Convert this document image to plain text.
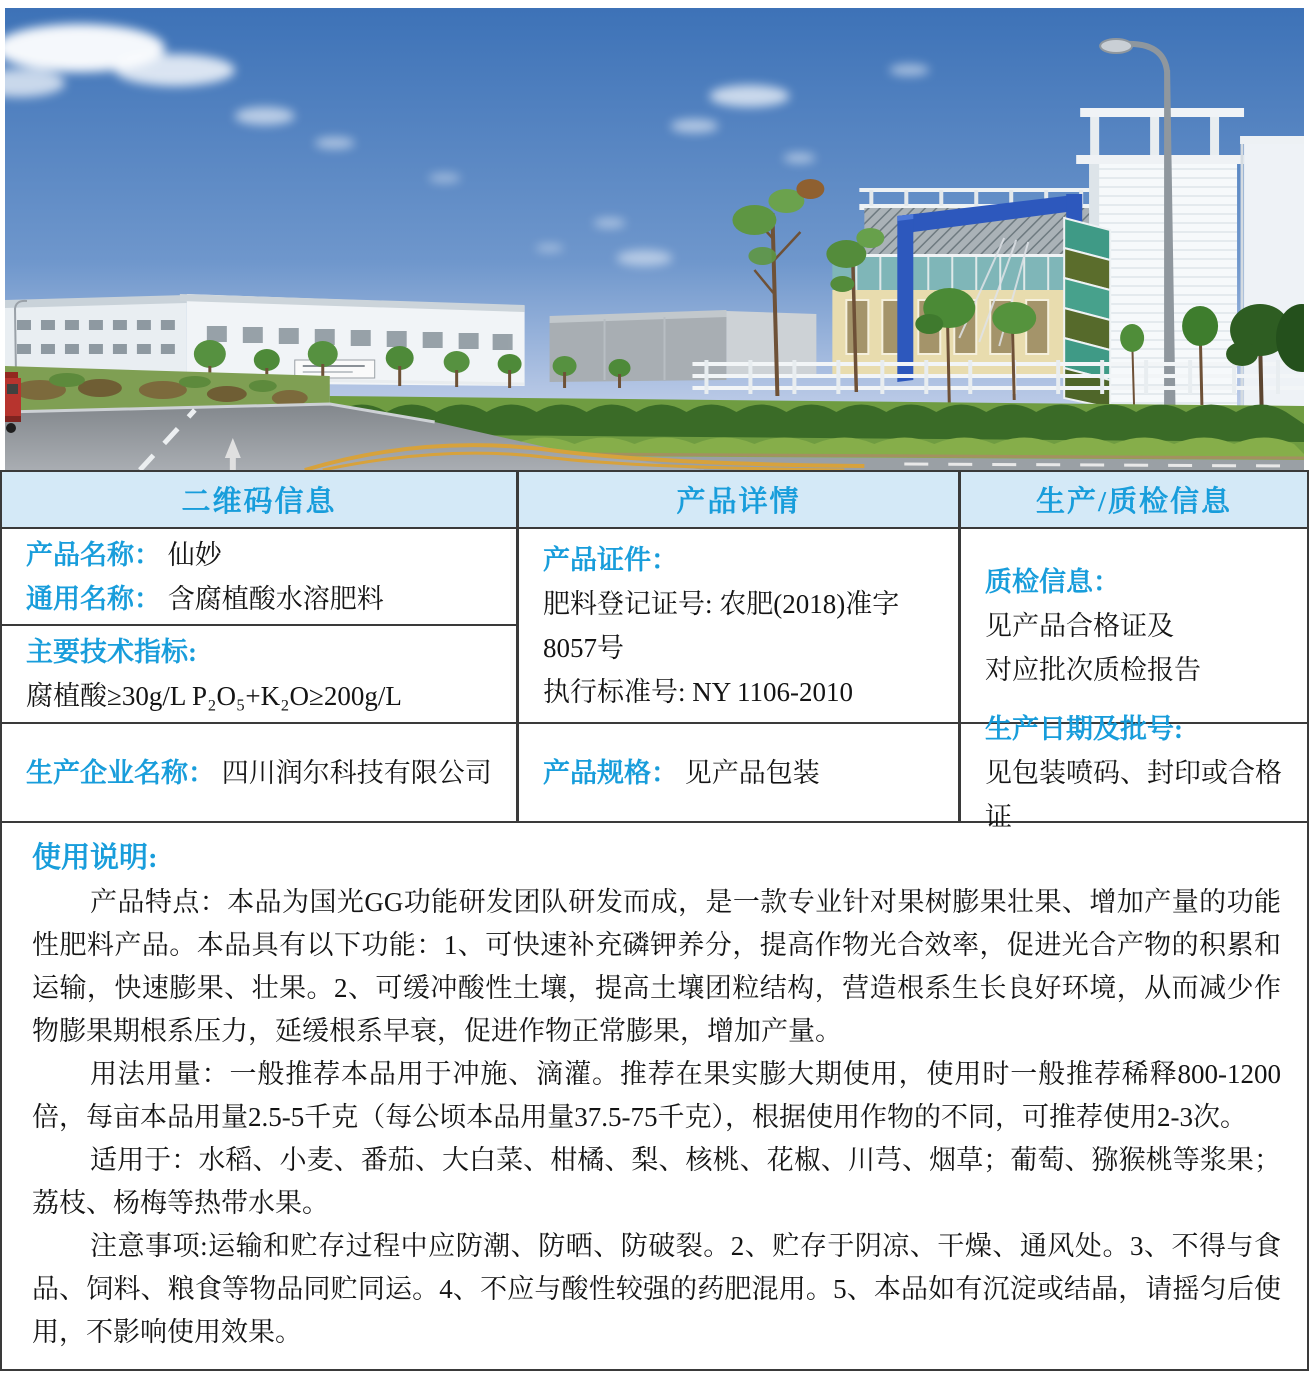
二维码信息	产品详情	生产/质检信息
产品名称： 仙妙
通用名称： 含腐植酸水溶肥料
主要技术指标:
腐植酸≥30g/L P₂O₅+K₂O≥200g/L
生产企业名称： 四川润尔科技有限公司
产品证件：
肥料登记证号: 农肥(2018)准字8057号
执行标准号: NY 1106-2010
产品规格： 见产品包装
质检信息：
见产品合格证及
对应批次质检报告
生产日期及批号:
见包装喷码、封印或合格证
使用说明:

产品特点：本品为国光GG功能研发团队研发而成，是一款专业针对果树膨果壮果、增加产量的功能性肥料产品。本品具有以下功能：1、可快速补充磷钾养分，提高作物光合效率，促进光合产物的积累和运输，快速膨果、壮果。2、可缓冲酸性土壤，提高土壤团粒结构，营造根系生长良好环境，从而减少作物膨果期根系压力，延缓根系早衰，促进作物正常膨果，增加产量。

用法用量：一般推荐本品用于冲施、滴灌。推荐在果实膨大期使用，使用时一般推荐稀释800-1200倍，每亩本品用量2.5-5千克（每公顷本品用量37.5-75千克），根据使用作物的不同，可推荐使用2-3次。

适用于：水稻、小麦、番茄、大白菜、柑橘、梨、核桃、花椒、川芎、烟草；葡萄、猕猴桃等浆果；荔枝、杨梅等热带水果。

注意事项:运输和贮存过程中应防潮、防晒、防破裂。2、贮存于阴凉、干燥、通风处。3、不得与食品、饲料、粮食等物品同贮同运。4、不应与酸性较强的药肥混用。5、本品如有沉淀或结晶，请摇匀后使用，不影响使用效果。
